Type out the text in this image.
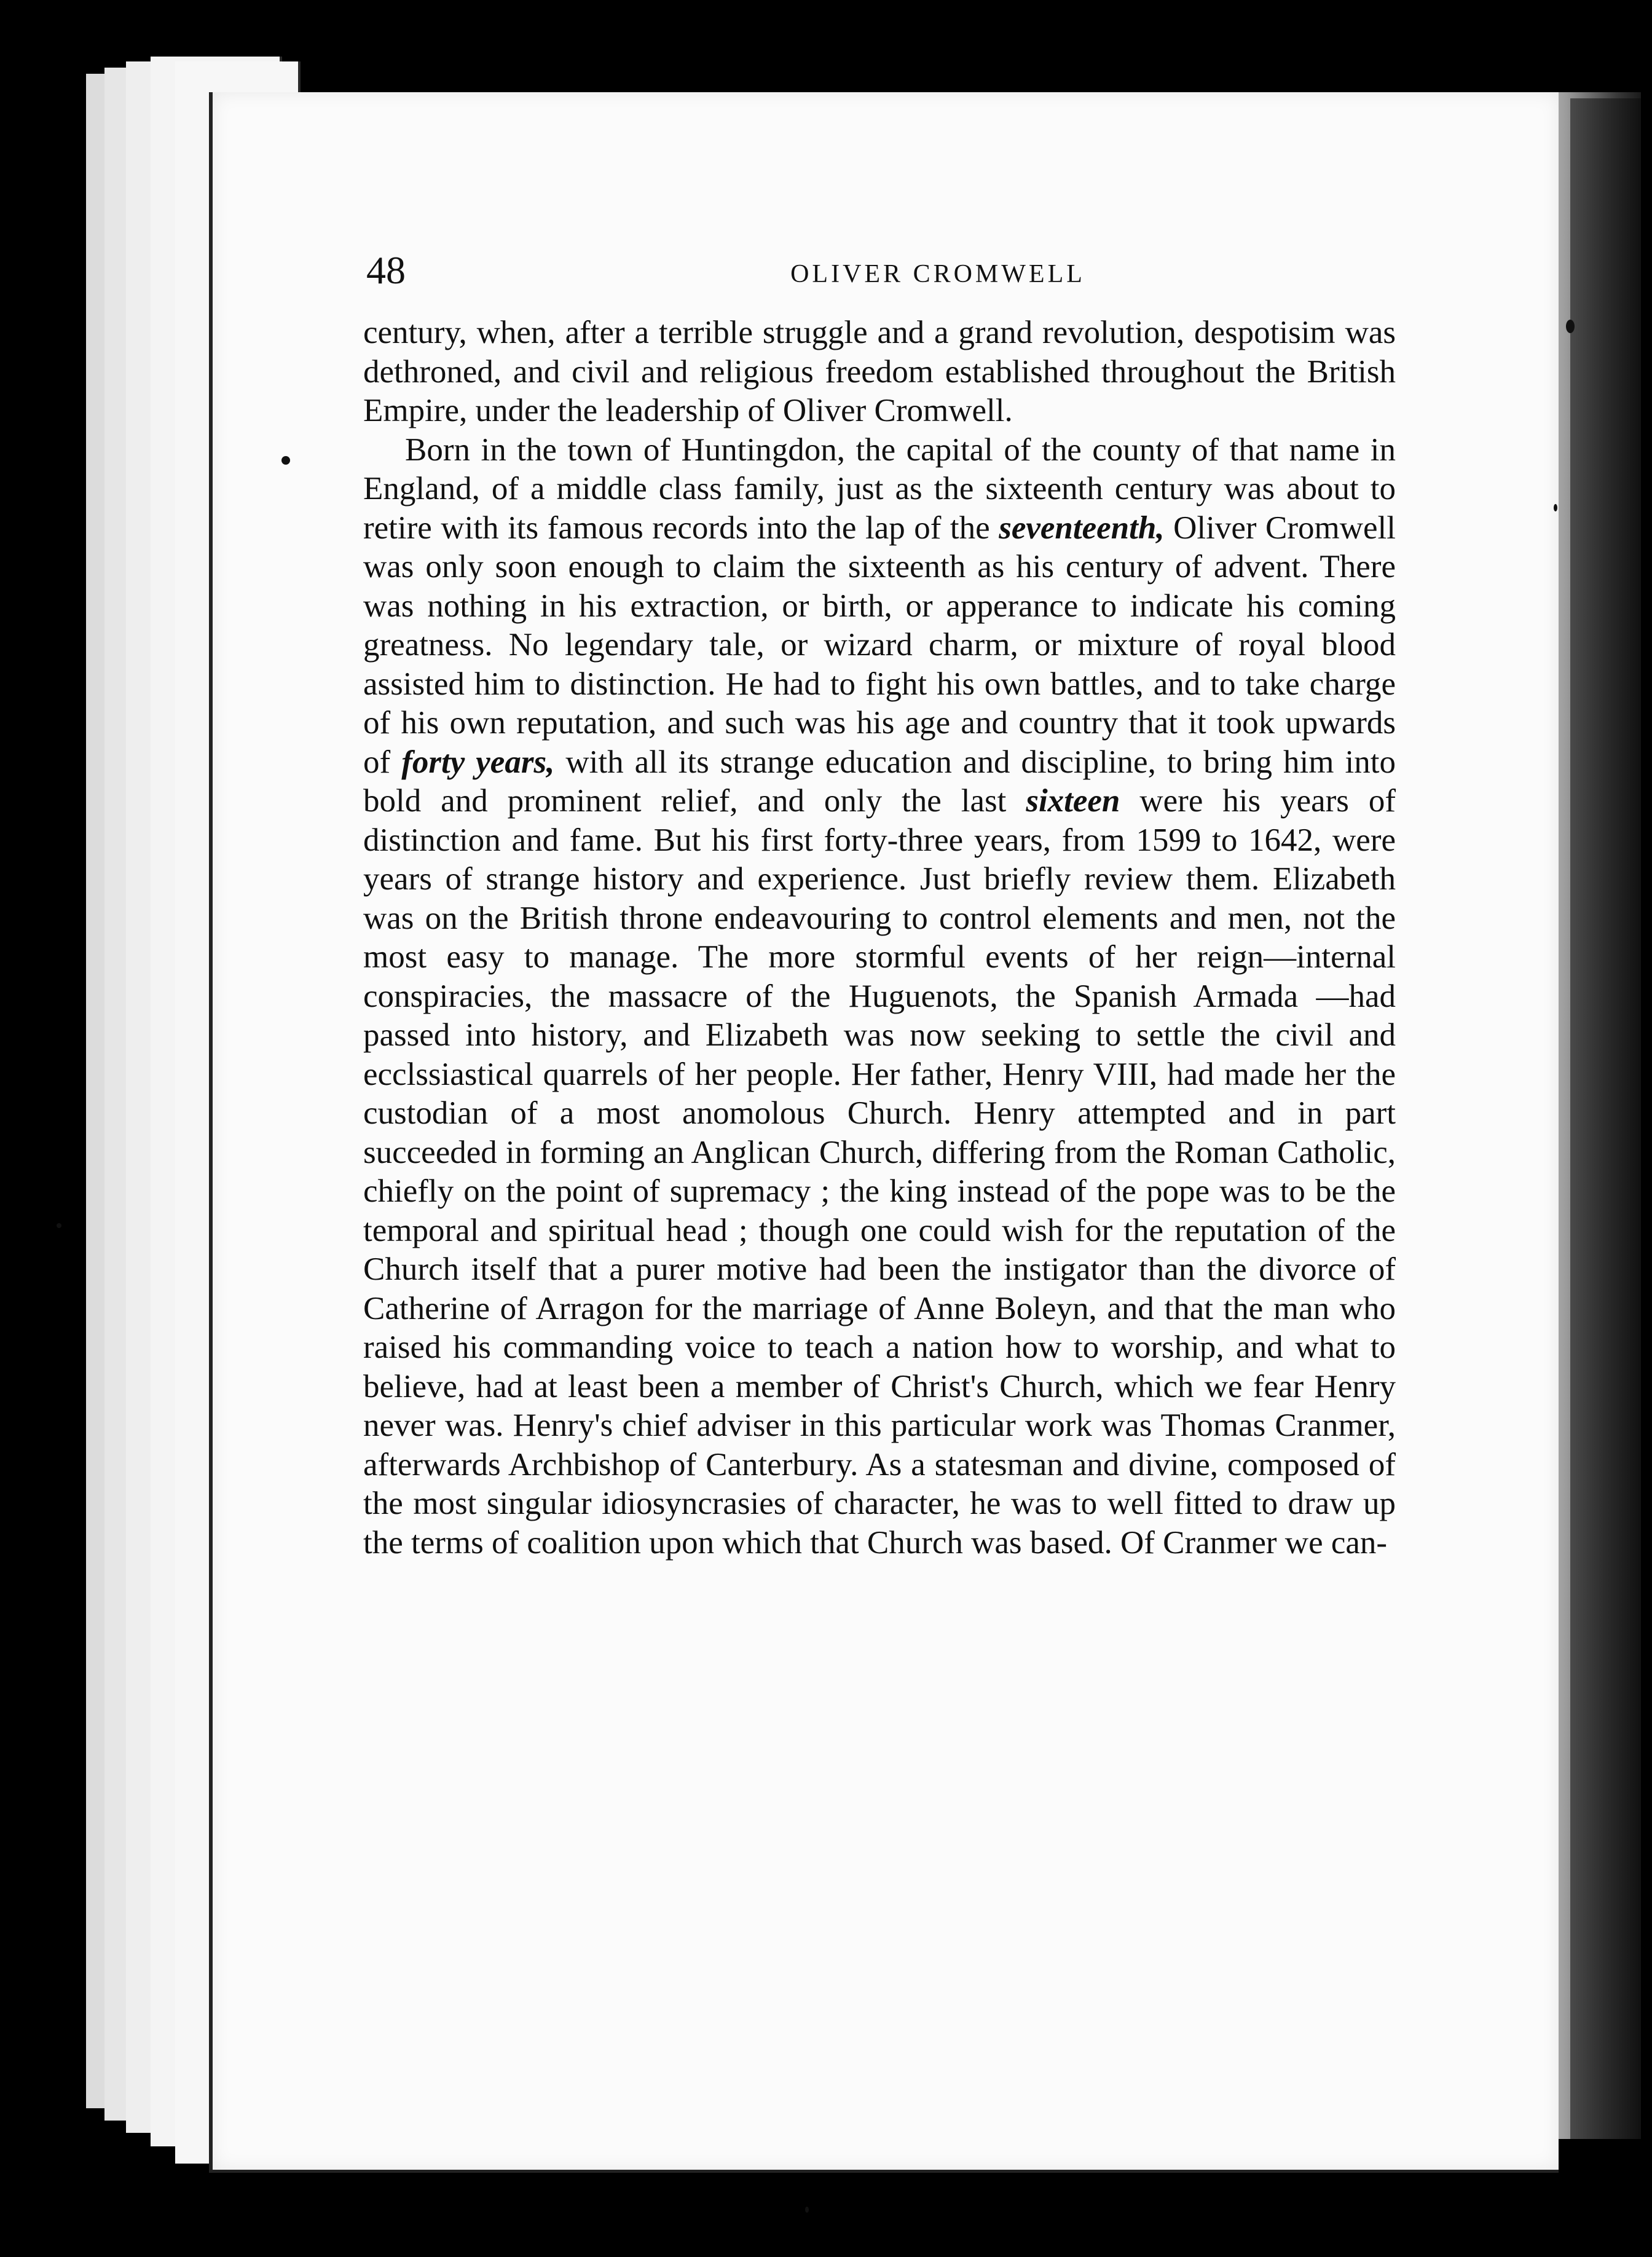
48	OLIVER CROMWELL

century, when, after a terrible struggle and a grand revolution, despotisim was dethroned, and civil and religious freedom established throughout the British Empire, under the leadership of Oliver Cromwell.

Born in the town of Huntingdon, the capital of the county of that name in England, of a middle class family, just as the sixteenth century was about to retire with its famous records into the lap of the seventeenth, Oliver Cromwell was only soon enough to claim the sixteenth as his century of advent. There was nothing in his extraction, or birth, or apperance to indicate his coming greatness. No legendary tale, or wizard charm, or mixture of royal blood assisted him to distinction. He had to fight his own battles, and to take charge of his own reputation, and such was his age and country that it took upwards of forty years, with all its strange education and discipline, to bring him into bold and prominent relief, and only the last sixteen were his years of distinction and fame. But his first forty-three years, from 1599 to 1642, were years of strange history and experience. Just briefly review them. Elizabeth was on the British throne endeavouring to control elements and men, not the most easy to manage. The more stormful events of her reign—internal conspiracies, the massacre of the Huguenots, the Spanish Armada —had passed into history, and Elizabeth was now seeking to settle the civil and ecclssiastical quarrels of her people. Her father, Henry VIII, had made her the custodian of a most anomolous Church. Henry attempted and in part succeeded in forming an Anglican Church, differing from the Roman Catholic, chiefly on the point of supremacy ; the king instead of the pope was to be the temporal and spiritual head ; though one could wish for the reputation of the Church itself that a purer motive had been the instigator than the divorce of Catherine of Arragon for the marriage of Anne Boleyn, and that the man who raised his commanding voice to teach a nation how to worship, and what to believe, had at least been a member of Christ's Church, which we fear Henry never was. Henry's chief adviser in this particular work was Thomas Cranmer, afterwards Archbishop of Canterbury. As a statesman and divine, composed of the most singular idiosyncrasies of character, he was to well fitted to draw up the terms of coalition upon which that Church was based. Of Cranmer we can-
